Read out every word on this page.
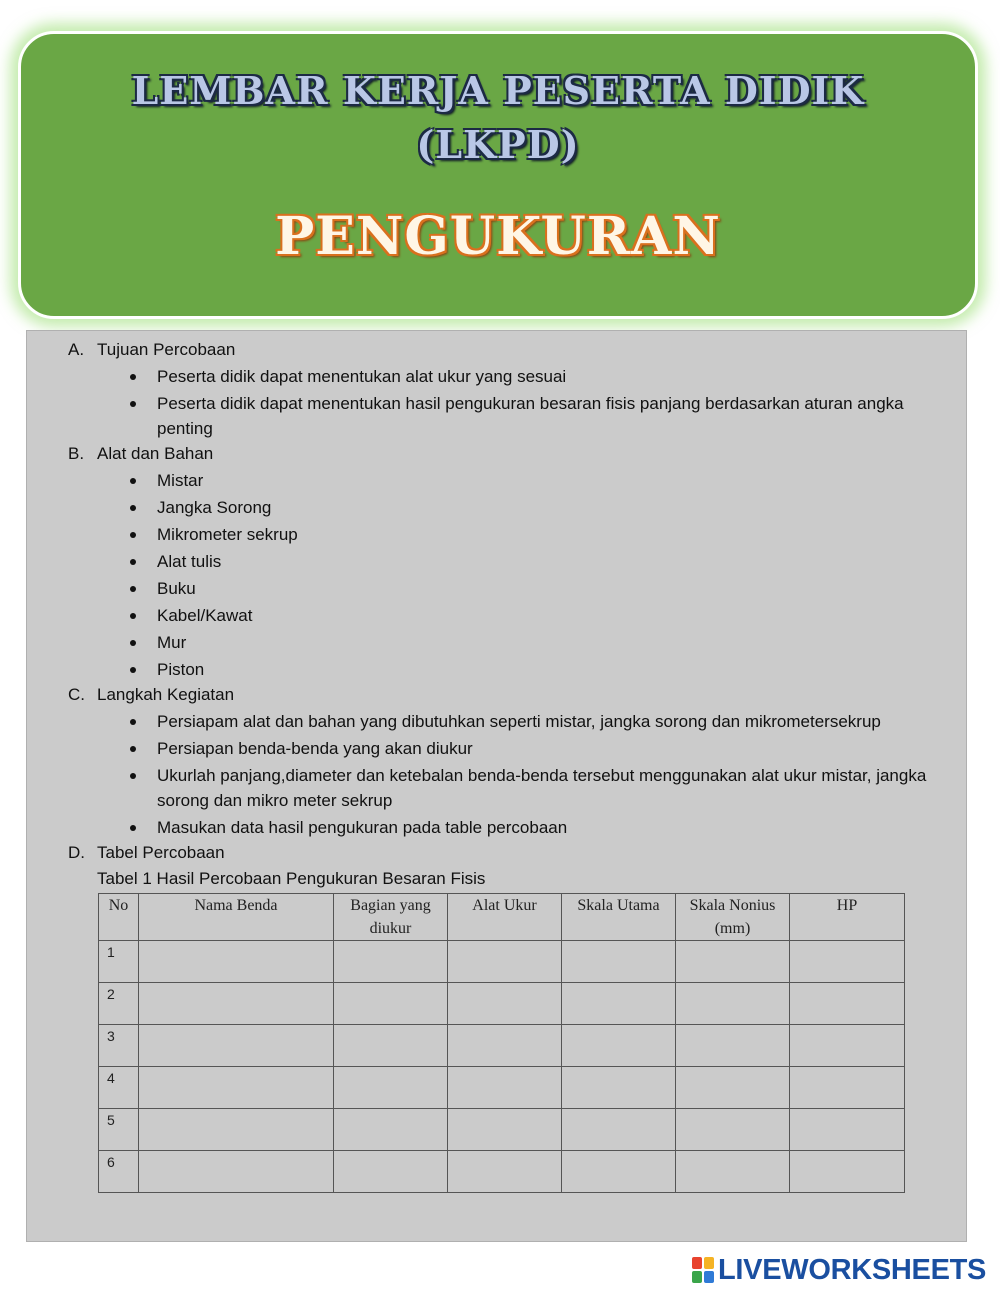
LEMBAR KERJA PESERTA DIDIK
(LKPD)
PENGUKURAN
A. Tujuan Percobaan
Peserta didik dapat menentukan alat ukur yang sesuai
Peserta didik dapat menentukan hasil pengukuran besaran fisis panjang berdasarkan aturan angka penting
B. Alat dan Bahan
Mistar
Jangka Sorong
Mikrometer sekrup
Alat tulis
Buku
Kabel/Kawat
Mur
Piston
C. Langkah Kegiatan
Persiapam alat dan bahan yang dibutuhkan seperti mistar, jangka sorong dan mikrometersekrup
Persiapan benda-benda yang akan diukur
Ukurlah panjang,diameter dan ketebalan benda-benda tersebut menggunakan alat ukur mistar, jangka sorong dan mikro meter sekrup
Masukan data hasil pengukuran pada table percobaan
D. Tabel Percobaan
Tabel 1 Hasil Percobaan Pengukuran Besaran Fisis
No	Nama Benda	Bagian yang diukur	Alat Ukur	Skala Utama	Skala Nonius (mm)	HP
1						
2						
3						
4						
5						
6						
LIVEWORKSHEETS
